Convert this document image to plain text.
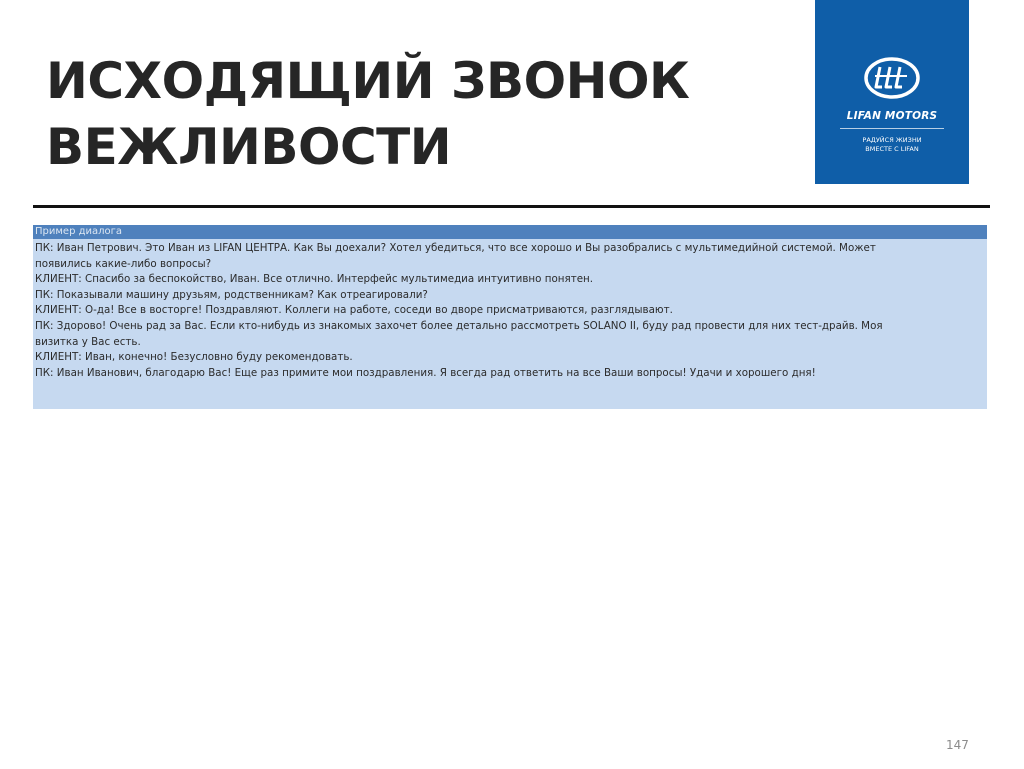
ИСХОДЯЩИЙ ЗВОНОК
ВЕЖЛИВОСТИ
LIFAN MOTORS
РАДУЙСЯ ЖИЗНИ
ВМЕСТЕ С LIFAN
Пример диалога
ПК: Иван Петрович. Это Иван из LIFAN ЦЕНТРА. Как Вы доехали? Хотел убедиться, что все хорошо и Вы разобрались с мультимедийной системой. Может
появились какие-либо вопросы?
КЛИЕНТ: Спасибо за беспокойство, Иван. Все отлично. Интерфейс мультимедиа интуитивно понятен.
ПК: Показывали машину друзьям, родственникам? Как отреагировали?
КЛИЕНТ: О-да! Все в восторге! Поздравляют. Коллеги на работе, соседи во дворе присматриваются, разглядывают.
ПК: Здорово! Очень рад за Вас. Если кто-нибудь из знакомых захочет более детально рассмотреть SOLANO II, буду рад провести для них тест-драйв. Моя
визитка у Вас есть.
КЛИЕНТ: Иван, конечно! Безусловно буду рекомендовать.
ПК: Иван Иванович, благодарю Вас! Еще раз примите мои поздравления. Я всегда рад ответить на все Ваши вопросы! Удачи и хорошего дня!
147
